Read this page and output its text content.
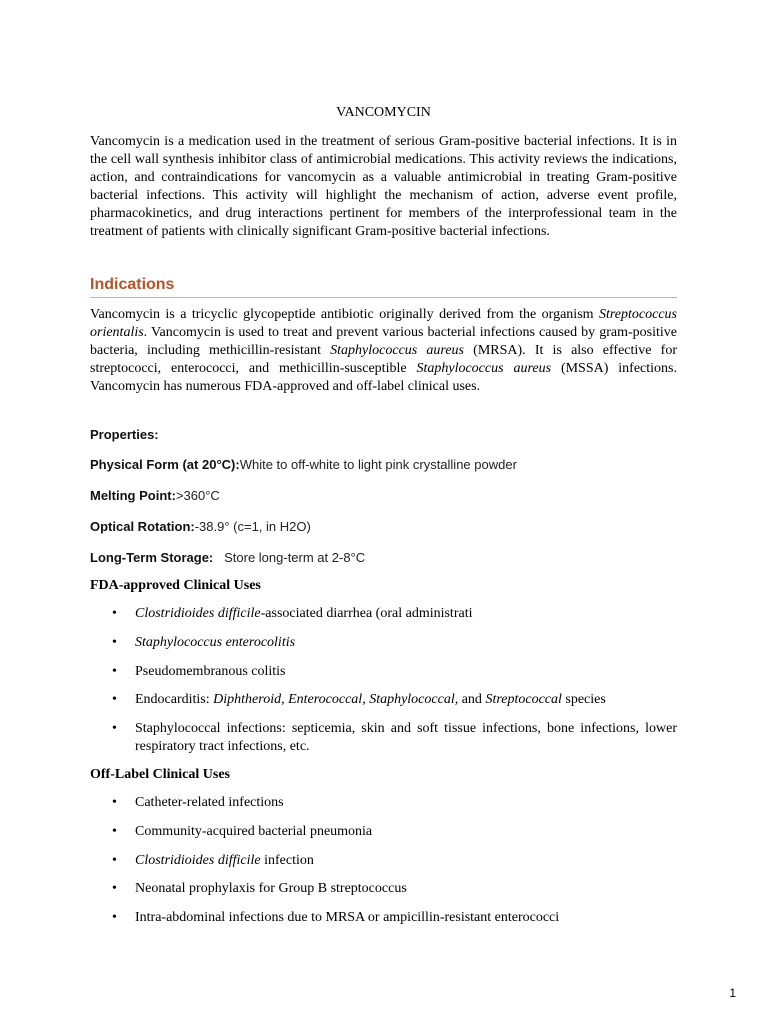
VANCOMYCIN

Vancomycin is a medication used in the treatment of serious Gram-positive bacterial infections. It is in the cell wall synthesis inhibitor class of antimicrobial medications. This activity reviews the indications, action, and contraindications for vancomycin as a valuable antimicrobial in treating Gram-positive bacterial infections. This activity will highlight the mechanism of action, adverse event profile, pharmacokinetics, and drug interactions pertinent for members of the interprofessional team in the treatment of patients with clinically significant Gram-positive bacterial infections.

Indications

Vancomycin is a tricyclic glycopeptide antibiotic originally derived from the organism Streptococcus orientalis. Vancomycin is used to treat and prevent various bacterial infections caused by gram-positive bacteria, including methicillin-resistant Staphylococcus aureus (MRSA). It is also effective for streptococci, enterococci, and methicillin-susceptible Staphylococcus aureus (MSSA) infections. Vancomycin has numerous FDA-approved and off-label clinical uses.

Properties:
Physical Form (at 20°C):White to off-white to light pink crystalline powder
Melting Point:>360°C
Optical Rotation:-38.9° (c=1, in H2O)
Long-Term Storage:   Store long-term at 2-8°C
FDA-approved Clinical Uses
• Clostridioides difficile-associated diarrhea (oral administrati
• Staphylococcus enterocolitis
• Pseudomembranous colitis
• Endocarditis: Diphtheroid, Enterococcal, Staphylococcal, and Streptococcal species
• Staphylococcal infections: septicemia, skin and soft tissue infections, bone infections, lower respiratory tract infections, etc.
Off-Label Clinical Uses
• Catheter-related infections
• Community-acquired bacterial pneumonia
• Clostridioides difficile infection
• Neonatal prophylaxis for Group B streptococcus
• Intra-abdominal infections due to MRSA or ampicillin-resistant enterococci
1
